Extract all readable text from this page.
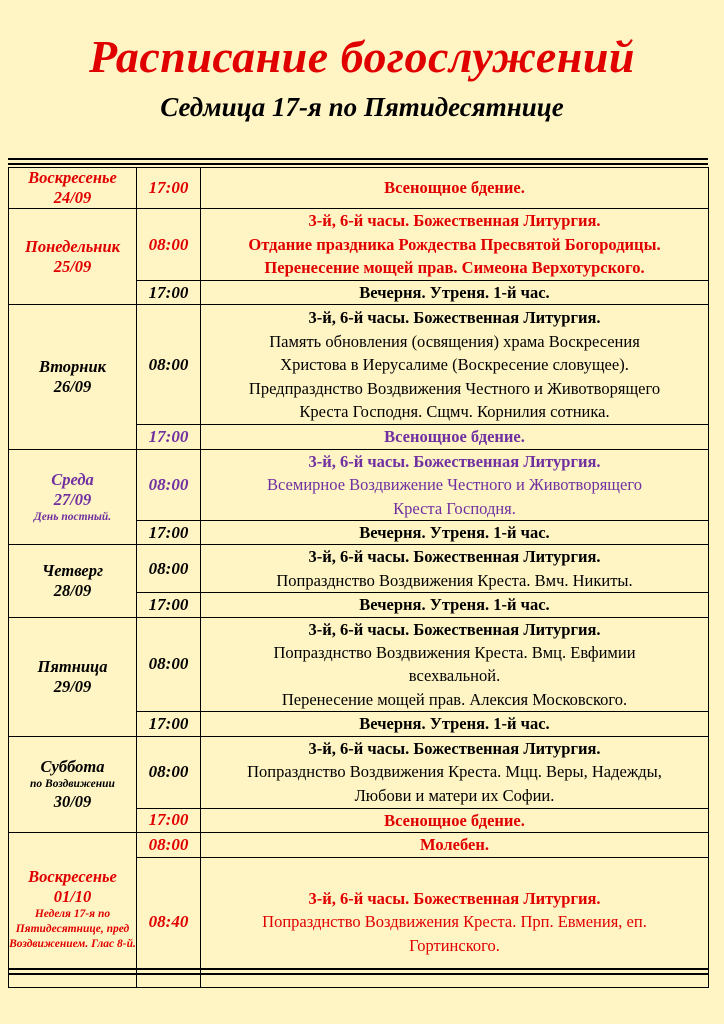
Расписание богослужений
Седмица 17-я по Пятидесятнице
Воскресенье
24/09	17:00	Всенощное бдение.

Понедельник
25/09	08:00	3-й, 6-й часы. Божественная Литургия.
Отдание праздника Рождества Пресвятой Богородицы.
Перенесение мощей прав. Симеона Верхотурского.

	17:00	Вечерня. Утреня. 1-й час.

Вторник
26/09	08:00	3-й, 6-й часы. Божественная Литургия.
Память обновления (освящения) храма Воскресения
Христова в Иерусалиме (Воскресение словущее).
Предпразднство Воздвижения Честного и Животворящего
Креста Господня. Сщмч. Корнилия сотника.

	17:00	Всенощное бдение.

Среда
27/09
День постный.	08:00	3-й, 6-й часы. Божественная Литургия.
Всемирное Воздвижение Честного и Животворящего
Креста Господня.

	17:00	Вечерня. Утреня. 1-й час.

Четверг
28/09	08:00	3-й, 6-й часы. Божественная Литургия.
Попразднство Воздвижения Креста. Вмч. Никиты.

	17:00	Вечерня. Утреня. 1-й час.

Пятница
29/09	08:00	3-й, 6-й часы. Божественная Литургия.
Попразднство Воздвижения Креста. Вмц. Евфимии
всехвальной.
Перенесение мощей прав. Алексия Московского.

	17:00	Вечерня. Утреня. 1-й час.

Суббота
по Воздвижении
30/09	08:00	3-й, 6-й часы. Божественная Литургия.
Попразднство Воздвижения Креста. Мцц. Веры, Надежды,
Любови и матери их Софии.

	17:00	Всенощное бдение.

Воскресенье
01/10
Неделя 17-я по Пятидесятнице, пред Воздвижением. Глас 8-й.	08:00	Молебен.

	08:40	3-й, 6-й часы. Божественная Литургия.
Попразднство Воздвижения Креста. Прп. Евмения, еп.
Гортинского.
